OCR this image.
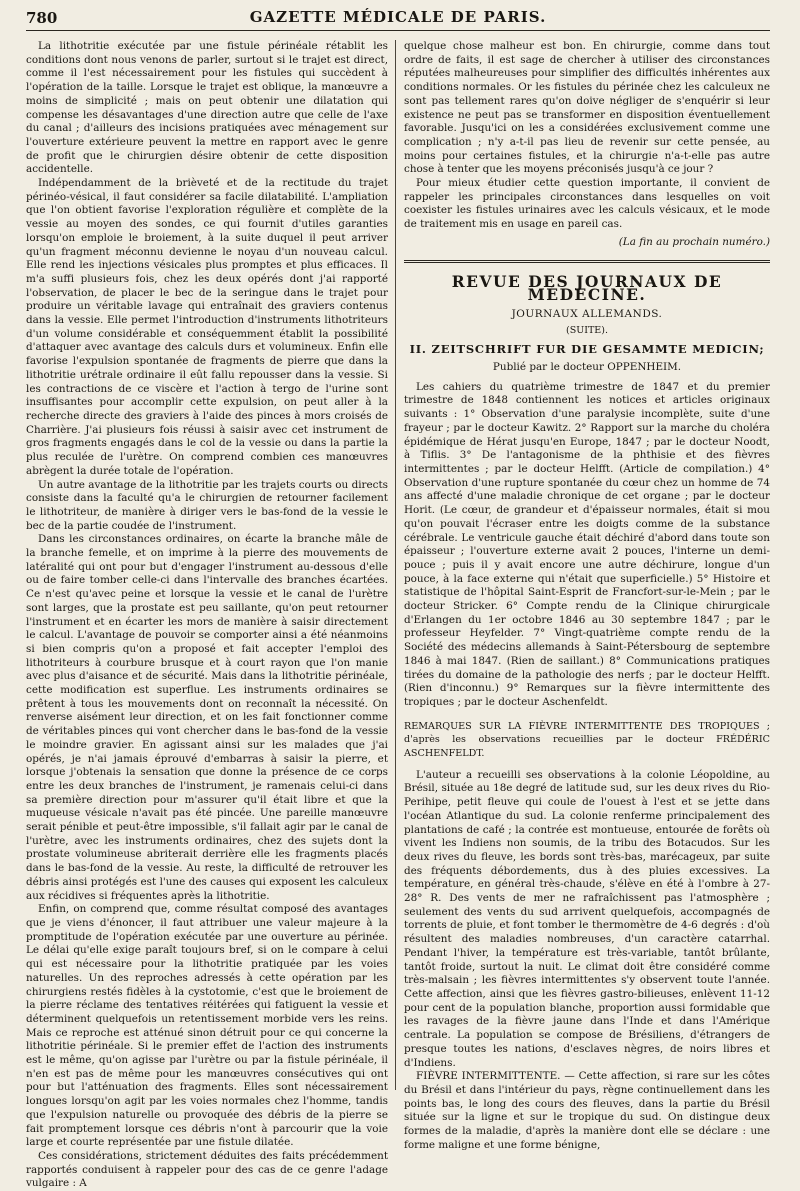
780	GAZETTE MÉDICALE DE PARIS.

La lithotritie exécutée par une fistule périnéale rétablit les conditions dont nous venons de parler, surtout si le trajet est direct, comme il l'est nécessairement pour les fistules qui succèdent à l'opération de la taille. Lorsque le trajet est oblique, la manœuvre a moins de simplicité ; mais on peut obtenir une dilatation qui compense les désavantages d'une direction autre que celle de l'axe du canal ; d'ailleurs des incisions pratiquées avec ménagement sur l'ouverture extérieure peuvent la mettre en rapport avec le genre de profit que le chirurgien désire obtenir de cette disposition accidentelle.

Indépendamment de la brièveté et de la rectitude du trajet périnéo-vésical, il faut considérer sa facile dilatabilité. L'ampliation que l'on obtient favorise l'exploration régulière et complète de la vessie au moyen des sondes, ce qui fournit d'utiles garanties lorsqu'on emploie le broiement, à la suite duquel il peut arriver qu'un fragment méconnu devienne le noyau d'un nouveau calcul. Elle rend les injections vésicales plus promptes et plus efficaces. Il m'a suffi plusieurs fois, chez les deux opérés dont j'ai rapporté l'observation, de placer le bec de la seringue dans le trajet pour produire un véritable lavage qui entraînait des graviers contenus dans la vessie. Elle permet l'introduction d'instruments lithotriteurs d'un volume considérable et conséquemment établit la possibilité d'attaquer avec avantage des calculs durs et volumineux. Enfin elle favorise l'expulsion spontanée de fragments de pierre que dans la lithotritie urétrale ordinaire il eût fallu repousser dans la vessie. Si les contractions de ce viscère et l'action à tergo de l'urine sont insuffisantes pour accomplir cette expulsion, on peut aller à la recherche directe des graviers à l'aide des pinces à mors croisés de Charrière. J'ai plusieurs fois réussi à saisir avec cet instrument de gros fragments engagés dans le col de la vessie ou dans la partie la plus reculée de l'urètre. On comprend combien ces manœuvres abrègent la durée totale de l'opération.

Un autre avantage de la lithotritie par les trajets courts ou directs consiste dans la faculté qu'a le chirurgien de retourner facilement le lithotriteur, de manière à diriger vers le bas-fond de la vessie le bec de la partie coudée de l'instrument.

Dans les circonstances ordinaires, on écarte la branche mâle de la branche femelle, et on imprime à la pierre des mouvements de latéralité qui ont pour but d'engager l'instrument au-dessous d'elle ou de faire tomber celle-ci dans l'intervalle des branches écartées. Ce n'est qu'avec peine et lorsque la vessie et le canal de l'urètre sont larges, que la prostate est peu saillante, qu'on peut retourner l'instrument et en écarter les mors de manière à saisir directement le calcul. L'avantage de pouvoir se comporter ainsi a été néanmoins si bien compris qu'on a proposé et fait accepter l'emploi des lithotriteurs à courbure brusque et à court rayon que l'on manie avec plus d'aisance et de sécurité. Mais dans la lithotritie périnéale, cette modification est superflue. Les instruments ordinaires se prêtent à tous les mouvements dont on reconnaît la nécessité. On renverse aisément leur direction, et on les fait fonctionner comme de véritables pinces qui vont chercher dans le bas-fond de la vessie le moindre gravier. En agissant ainsi sur les malades que j'ai opérés, je n'ai jamais éprouvé d'embarras à saisir la pierre, et lorsque j'obtenais la sensation que donne la présence de ce corps entre les deux branches de l'instrument, je ramenais celui-ci dans sa première direction pour m'assurer qu'il était libre et que la muqueuse vésicale n'avait pas été pincée. Une pareille manœuvre serait pénible et peut-être impossible, s'il fallait agir par le canal de l'urètre, avec les instruments ordinaires, chez des sujets dont la prostate volumineuse abriterait derrière elle les fragments placés dans le bas-fond de la vessie. Au reste, la difficulté de retrouver les débris ainsi protégés est l'une des causes qui exposent les calculeux aux récidives si fréquentes après la lithotritie.

Enfin, on comprend que, comme résultat composé des avantages que je viens d'énoncer, il faut attribuer une valeur majeure à la promptitude de l'opération exécutée par une ouverture au périnée. Le délai qu'elle exige paraît toujours bref, si on le compare à celui qui est nécessaire pour la lithotritie pratiquée par les voies naturelles. Un des reproches adressés à cette opération par les chirurgiens restés fidèles à la cystotomie, c'est que le broiement de la pierre réclame des tentatives réitérées qui fatiguent la vessie et déterminent quelquefois un retentissement morbide vers les reins. Mais ce reproche est atténué sinon détruit pour ce qui concerne la lithotritie périnéale. Si le premier effet de l'action des instruments est le même, qu'on agisse par l'urètre ou par la fistule périnéale, il n'en est pas de même pour les manœuvres consécutives qui ont pour but l'atténuation des fragments. Elles sont nécessairement longues lorsqu'on agit par les voies normales chez l'homme, tandis que l'expulsion naturelle ou provoquée des débris de la pierre se fait promptement lorsque ces débris n'ont à parcourir que la voie large et courte représentée par une fistule dilatée.

Ces considérations, strictement déduites des faits précédemment rapportés conduisent à rappeler pour des cas de ce genre l'adage vulgaire : A

quelque chose malheur est bon. En chirurgie, comme dans tout ordre de faits, il est sage de chercher à utiliser des circonstances réputées malheureuses pour simplifier des difficultés inhérentes aux conditions normales. Or les fistules du périnée chez les calculeux ne sont pas tellement rares qu'on doive négliger de s'enquérir si leur existence ne peut pas se transformer en disposition éventuellement favorable. Jusqu'ici on les a considérées exclusivement comme une complication ; n'y a-t-il pas lieu de revenir sur cette pensée, au moins pour certaines fistules, et la chirurgie n'a-t-elle pas autre chose à tenter que les moyens préconisés jusqu'à ce jour ?

Pour mieux étudier cette question importante, il convient de rappeler les principales circonstances dans lesquelles on voit coexister les fistules urinaires avec les calculs vésicaux, et le mode de traitement mis en usage en pareil cas.

(La fin au prochain numéro.)
REVUE DES JOURNAUX DE MÉDECINE.
JOURNAUX ALLEMANDS.
(SUITE).
II. ZEITSCHRIFT FUR DIE GESAMMTE MEDICIN;
Publié par le docteur OPPENHEIM.

Les cahiers du quatrième trimestre de 1847 et du premier trimestre de 1848 contiennent les notices et articles originaux suivants : 1° Observation d'une paralysie incomplète, suite d'une frayeur ; par le docteur Kawitz. 2° Rapport sur la marche du choléra épidémique de Hérat jusqu'en Europe, 1847 ; par le docteur Noodt, à Tiflis. 3° De l'antagonisme de la phthisie et des fièvres intermittentes ; par le docteur Helfft. (Article de compilation.) 4° Observation d'une rupture spontanée du cœur chez un homme de 74 ans affecté d'une maladie chronique de cet organe ; par le docteur Horit. (Le cœur, de grandeur et d'épaisseur normales, était si mou qu'on pouvait l'écraser entre les doigts comme de la substance cérébrale. Le ventricule gauche était déchiré d'abord dans toute son épaisseur ; l'ouverture externe avait 2 pouces, l'interne un demi-pouce ; puis il y avait encore une autre déchirure, longue d'un pouce, à la face externe qui n'était que superficielle.) 5° Histoire et statistique de l'hôpital Saint-Esprit de Francfort-sur-le-Mein ; par le docteur Stricker. 6° Compte rendu de la Clinique chirurgicale d'Erlangen du 1er octobre 1846 au 30 septembre 1847 ; par le professeur Heyfelder. 7° Vingt-quatrième compte rendu de la Société des médecins allemands à Saint-Pétersbourg de septembre 1846 à mai 1847. (Rien de saillant.) 8° Communications pratiques tirées du domaine de la pathologie des nerfs ; par le docteur Helfft. (Rien d'inconnu.) 9° Remarques sur la fièvre intermittente des tropiques ; par le docteur Aschenfeldt.

REMARQUES SUR LA FIÈVRE INTERMITTENTE DES TROPIQUES ; d'après les observations recueillies par le docteur FRÉDÉRIC ASCHENFELDT.

L'auteur a recueilli ses observations à la colonie Léopoldine, au Brésil, située au 18e degré de latitude sud, sur les deux rives du Rio-Perihipe, petit fleuve qui coule de l'ouest à l'est et se jette dans l'océan Atlantique du sud. La colonie renferme principalement des plantations de café ; la contrée est montueuse, entourée de forêts où vivent les Indiens non soumis, de la tribu des Botacudos. Sur les deux rives du fleuve, les bords sont très-bas, marécageux, par suite des fréquents débordements, dus à des pluies excessives. La température, en général très-chaude, s'élève en été à l'ombre à 27-28° R. Des vents de mer ne rafraîchissent pas l'atmosphère ; seulement des vents du sud arrivent quelquefois, accompagnés de torrents de pluie, et font tomber le thermomètre de 4-6 degrés : d'où résultent des maladies nombreuses, d'un caractère catarrhal. Pendant l'hiver, la température est très-variable, tantôt brûlante, tantôt froide, surtout la nuit. Le climat doit être considéré comme très-malsain ; les fièvres intermittentes s'y observent toute l'année. Cette affection, ainsi que les fièvres gastro-bilieuses, enlèvent 11-12 pour cent de la population blanche, proportion aussi formidable que les ravages de la fièvre jaune dans l'Inde et dans l'Amérique centrale. La population se compose de Brésiliens, d'étrangers de presque toutes les nations, d'esclaves nègres, de noirs libres et d'Indiens.

FIÈVRE INTERMITTENTE. — Cette affection, si rare sur les côtes du Brésil et dans l'intérieur du pays, règne continuellement dans les points bas, le long des cours des fleuves, dans la partie du Brésil située sur la ligne et sur le tropique du sud. On distingue deux formes de la maladie, d'après la manière dont elle se déclare : une forme maligne et une forme bénigne,
